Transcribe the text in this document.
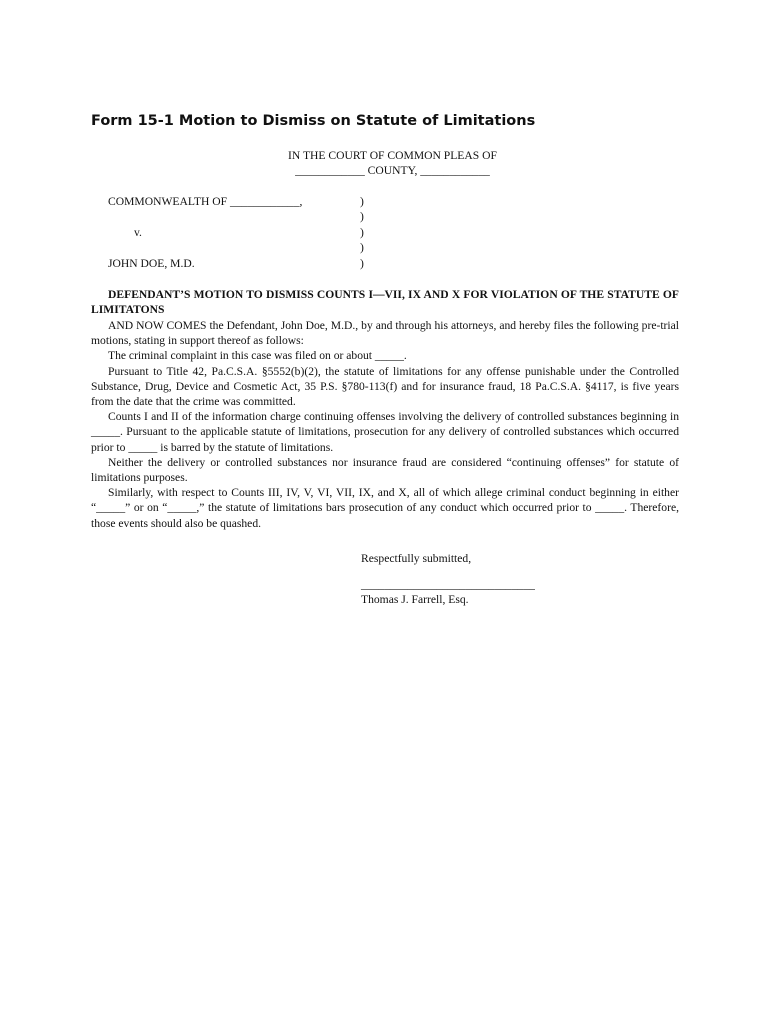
Form 15-1 Motion to Dismiss on Statute of Limitations
IN THE COURT OF COMMON PLEAS OF
____________ COUNTY, ____________
COMMONWEALTH OF ____________,
v.
JOHN DOE, M.D.
)
)
)
)
)
DEFENDANT’S MOTION TO DISMISS COUNTS I—VII, IX AND X FOR VIOLATION OF THE STATUTE OF LIMITATONS

AND NOW COMES the Defendant, John Doe, M.D., by and through his attorneys, and hereby files the following pre-trial motions, stating in support thereof as follows:

The criminal complaint in this case was filed on or about _____.

Pursuant to Title 42, Pa.C.S.A. §5552(b)(2), the statute of limitations for any offense punishable under the Controlled Substance, Drug, Device and Cosmetic Act, 35 P.S. §780-113(f) and for insurance fraud, 18 Pa.C.S.A. §4117, is five years from the date that the crime was committed.

Counts I and II of the information charge continuing offenses involving the delivery of controlled substances beginning in _____. Pursuant to the applicable statute of limitations, prosecution for any delivery of controlled substances which occurred prior to _____ is barred by the statute of limitations.

Neither the delivery or controlled substances nor insurance fraud are considered “continuing offenses” for statute of limitations purposes.

Similarly, with respect to Counts III, IV, V, VI, VII, IX, and X, all of which allege criminal conduct beginning in either “_____” or on “_____,” the statute of limitations bars prosecution of any conduct which occurred prior to _____. Therefore, those events should also be quashed.

Respectfully submitted,
______________________________
Thomas J. Farrell, Esq.
